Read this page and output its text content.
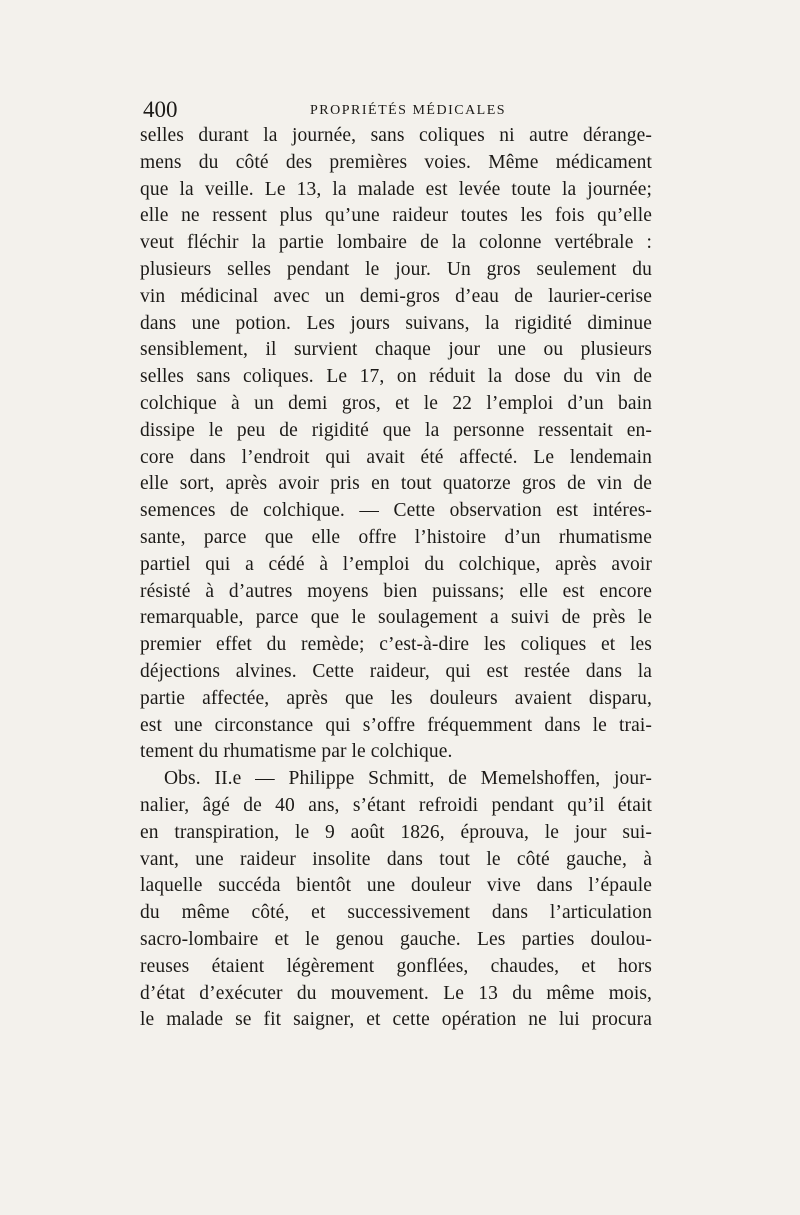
400	PROPRIÉTÉS MÉDICALES
selles durant la journée, sans coliques ni autre dérange-
mens du côté des premières voies. Même médicament
que la veille. Le 13, la malade est levée toute la journée;
elle ne ressent plus qu’une raideur toutes les fois qu’elle
veut fléchir la partie lombaire de la colonne vertébrale :
plusieurs selles pendant le jour. Un gros seulement du
vin médicinal avec un demi-gros d’eau de laurier-cerise
dans une potion. Les jours suivans, la rigidité diminue
sensiblement, il survient chaque jour une ou plusieurs
selles sans coliques. Le 17, on réduit la dose du vin de
colchique à un demi gros, et le 22 l’emploi d’un bain
dissipe le peu de rigidité que la personne ressentait en-
core dans l’endroit qui avait été affecté. Le lendemain
elle sort, après avoir pris en tout quatorze gros de vin de
semences de colchique. — Cette observation est intéres-
sante, parce que elle offre l’histoire d’un rhumatisme
partiel qui a cédé à l’emploi du colchique, après avoir
résisté à d’autres moyens bien puissans; elle est encore
remarquable, parce que le soulagement a suivi de près le
premier effet du remède; c’est-à-dire les coliques et les
déjections alvines. Cette raideur, qui est restée dans la
partie affectée, après que les douleurs avaient disparu,
est une circonstance qui s’offre fréquemment dans le trai-
tement du rhumatisme par le colchique.
Obs. II.e — Philippe Schmitt, de Memelshoffen, jour-
nalier, âgé de 40 ans, s’étant refroidi pendant qu’il était
en transpiration, le 9 août 1826, éprouva, le jour sui-
vant, une raideur insolite dans tout le côté gauche, à
laquelle succéda bientôt une douleur vive dans l’épaule
du même côté, et successivement dans l’articulation
sacro-lombaire et le genou gauche. Les parties doulou-
reuses étaient légèrement gonflées, chaudes, et hors
d’état d’exécuter du mouvement. Le 13 du même mois,
le malade se fit saigner, et cette opération ne lui procura
